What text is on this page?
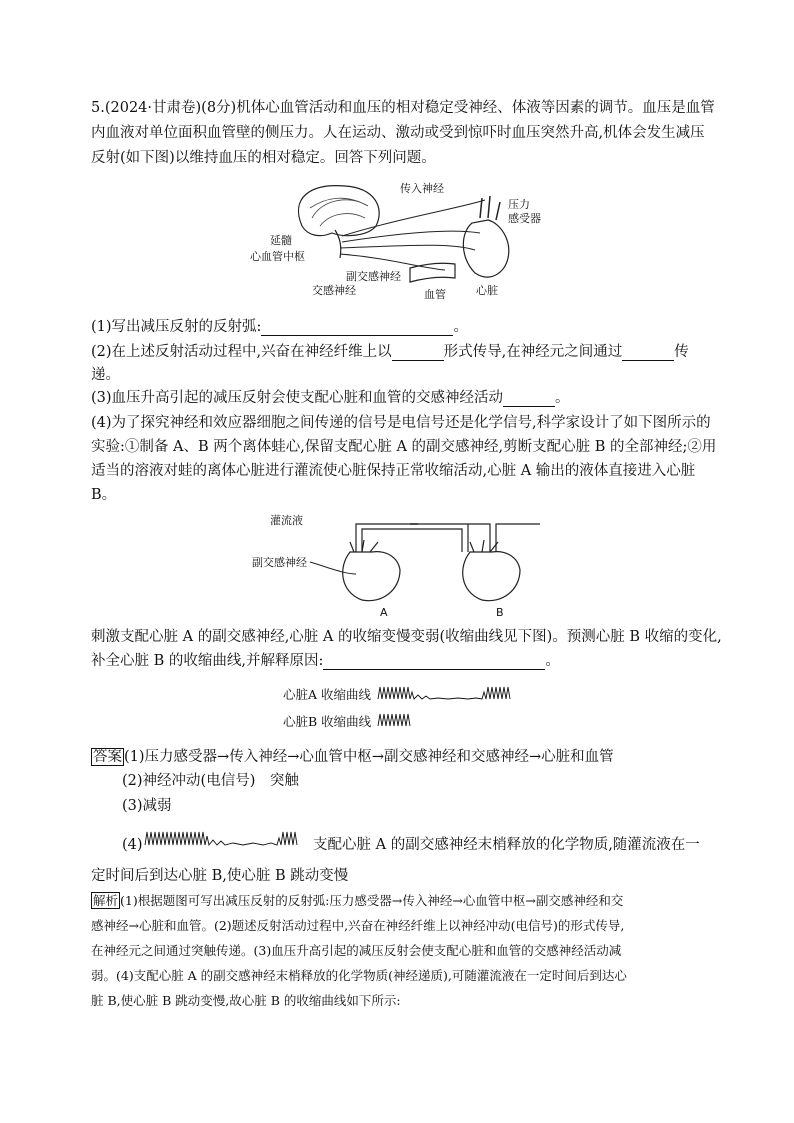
5.(2024·甘肃卷)(8分)机体心血管活动和血压的相对稳定受神经、体液等因素的调节。血压是血管
内血液对单位面积血管壁的侧压力。人在运动、激动或受到惊吓时血压突然升高,机体会发生减压
反射(如下图)以维持血压的相对稳定。回答下列问题。
传入神经
压力
感受器
延髓
心血管中枢
副交感神经
交感神经	血管	心脏
(1)写出减压反射的反射弧:	。
(2)在上述反射活动过程中,兴奋在神经纤维上以	形式传导,在神经元之间通过	传
递。
(3)血压升高引起的减压反射会使支配心脏和血管的交感神经活动	。
(4)为了探究神经和效应器细胞之间传递的信号是电信号还是化学信号,科学家设计了如下图所示的
实验:①制备 A、B 两个离体蛙心,保留支配心脏 A 的副交感神经,剪断支配心脏 B 的全部神经;②用
适当的溶液对蛙的离体心脏进行灌流使心脏保持正常收缩活动,心脏 A 输出的液体直接进入心脏
B。
灌流液
副交感神经
A	B
刺激支配心脏 A 的副交感神经,心脏 A 的收缩变慢变弱(收缩曲线见下图)。预测心脏 B 收缩的变化,
补全心脏 B 的收缩曲线,并解释原因:	。
心脏A 收缩曲线
心脏B 收缩曲线
答案 (1)压力感受器→传入神经→心血管中枢→副交感神经和交感神经→心脏和血管
(2)神经冲动(电信号)　突触
(3)减弱
(4)	支配心脏 A 的副交感神经末梢释放的化学物质,随灌流液在一
定时间后到达心脏 B,使心脏 B 跳动变慢
解析 (1)根据题图可写出减压反射的反射弧:压力感受器→传入神经→心血管中枢→副交感神经和交
感神经→心脏和血管。(2)题述反射活动过程中,兴奋在神经纤维上以神经冲动(电信号)的形式传导,
在神经元之间通过突触传递。(3)血压升高引起的减压反射会使支配心脏和血管的交感神经活动减
弱。(4)支配心脏 A 的副交感神经末梢释放的化学物质(神经递质),可随灌流液在一定时间后到达心
脏 B,使心脏 B 跳动变慢,故心脏 B 的收缩曲线如下所示:
